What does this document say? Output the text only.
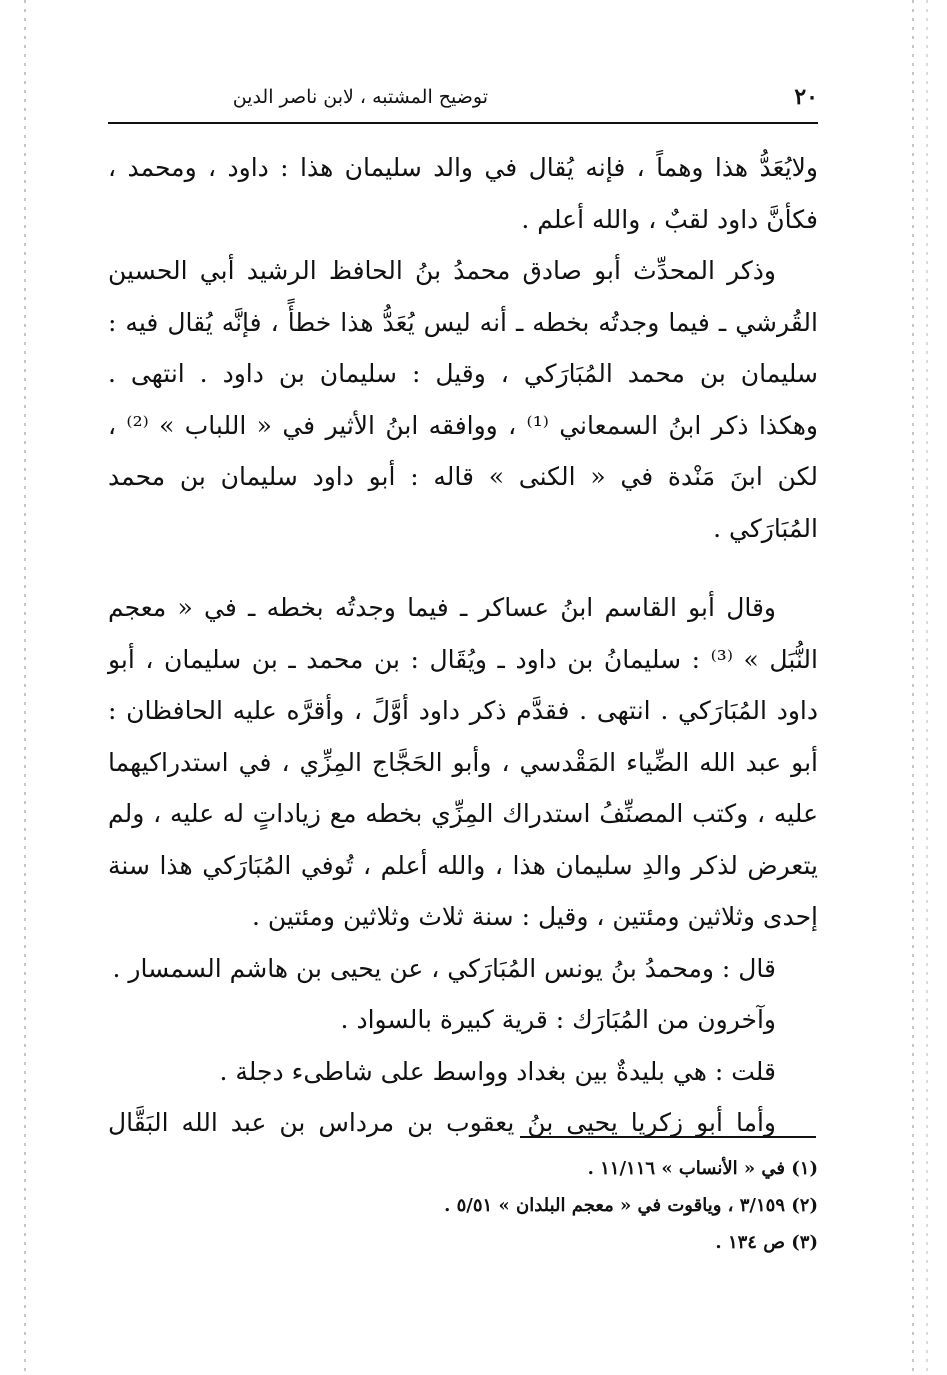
٢٠
توضيح المشتبه ، لابن ناصر الدين
ولايُعَدُّ هذا وهماً ، فإنه يُقال في والد سليمان هذا : داود ، ومحمد ،
فكأنَّ داود لقبٌ ، والله أعلم .
وذكر المحدِّث أبو صادق محمدُ بنُ الحافظ الرشيد أبي الحسين
القُرشي ـ فيما وجدتُه بخطه ـ أنه ليس يُعَدُّ هذا خطأً ، فإنَّه يُقال فيه :
سليمان بن محمد المُبَارَكي ، وقيل : سليمان بن داود . انتهى .
وهكذا ذكر ابنُ السمعاني ⁽¹⁾ ، ووافقه ابنُ الأثير في « اللباب » ⁽²⁾ ،
لكن ابنَ مَنْدة في « الكنى » قاله : أبو داود سليمان بن محمد
المُبَارَكي .
وقال أبو القاسم ابنُ عساكر ـ فيما وجدتُه بخطه ـ في « معجم
النُّبَل » ⁽³⁾ : سليمانُ بن داود ـ ويُقَال : بن محمد ـ بن سليمان ، أبو
داود المُبَارَكي . انتهى . فقدَّم ذكر داود أوَّلً ، وأقرَّه عليه الحافظان :
أبو عبد الله الضِّياء المَقْدسي ، وأبو الحَجَّاج المِزِّي ، في استدراكيهما
عليه ، وكتب المصنِّفُ استدراك المِزِّي بخطه مع زياداتٍ له عليه ، ولم
يتعرض لذكر والدِ سليمان هذا ، والله أعلم ، تُوفي المُبَارَكي هذا سنة
إحدى وثلاثين ومئتين ، وقيل : سنة ثلاث وثلاثين ومئتين .
قال : ومحمدُ بنُ يونس المُبَارَكي ، عن يحيى بن هاشم السمسار .
وآخرون من المُبَارَك : قرية كبيرة بالسواد .
قلت : هي بليدةٌ بين بغداد وواسط على شاطىء دجلة .
وأما أبو زكريا يحيى بنُ يعقوب بن مرداس بن عبد الله البَقَّال
(١) في « الأنساب » ١١/١١٦ .
(٢) ٣/١٥٩ ، وياقوت في « معجم البلدان » ٥/٥١ .
(٣) ص ١٣٤ .
